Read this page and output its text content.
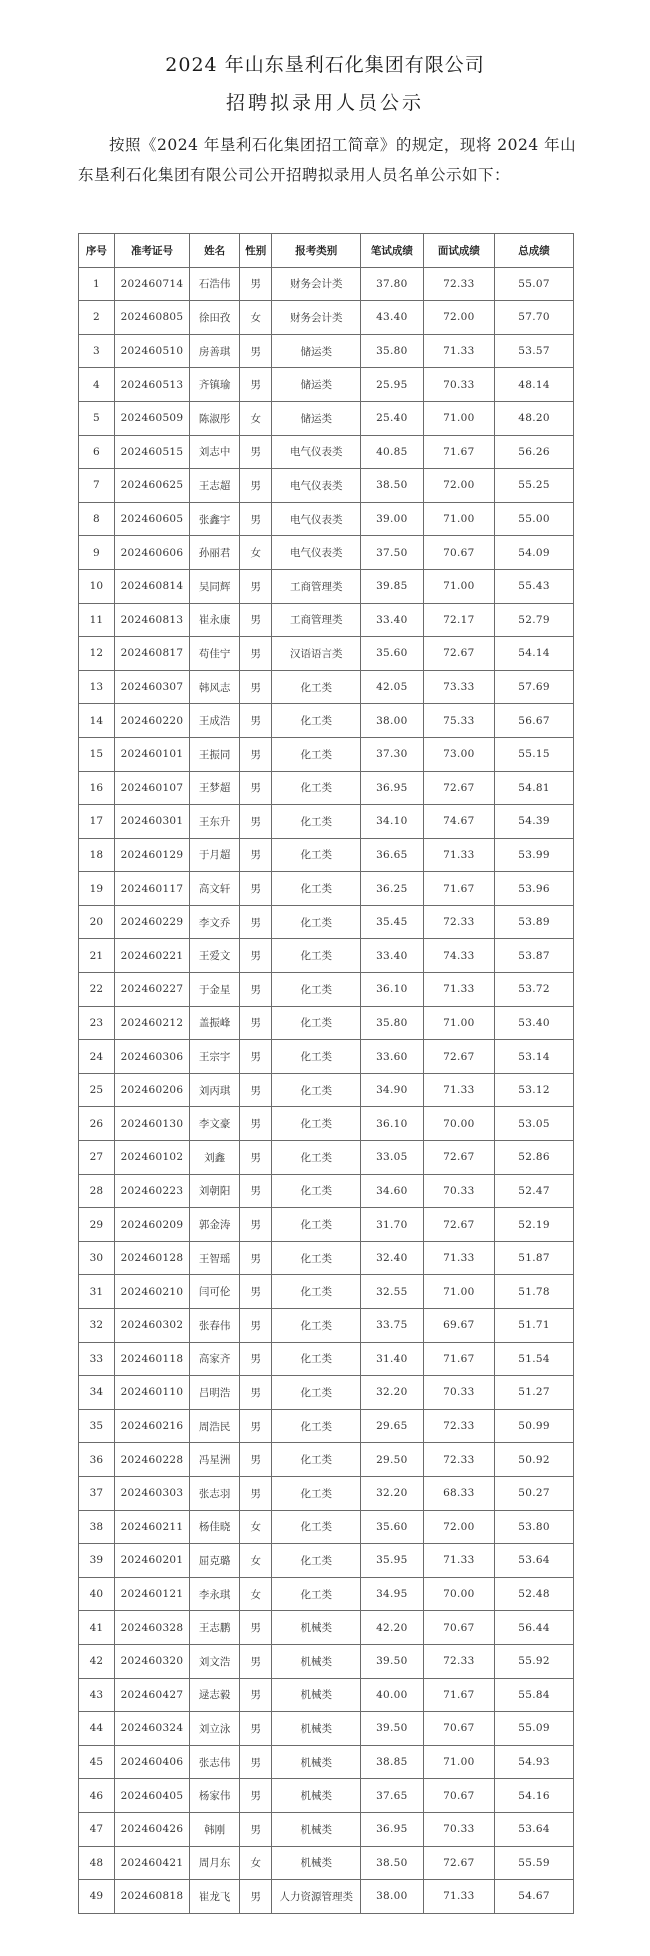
2024 年山东垦利石化集团有限公司
招聘拟录用人员公示
按照《2024 年垦利石化集团招工简章》的规定，现将 2024 年山东垦利石化集团有限公司公开招聘拟录用人员名单公示如下：
序号	准考证号	姓名	性别	报考类别	笔试成绩	面试成绩	总成绩
1	202460714	石浩伟	男	财务会计类	37.80	72.33	55.07
2	202460805	徐田孜	女	财务会计类	43.40	72.00	57.70
3	202460510	房善琪	男	储运类	35.80	71.33	53.57
4	202460513	齐镇瑜	男	储运类	25.95	70.33	48.14
5	202460509	陈淑彤	女	储运类	25.40	71.00	48.20
6	202460515	刘志中	男	电气仪表类	40.85	71.67	56.26
7	202460625	王志超	男	电气仪表类	38.50	72.00	55.25
8	202460605	张鑫宇	男	电气仪表类	39.00	71.00	55.00
9	202460606	孙丽君	女	电气仪表类	37.50	70.67	54.09
10	202460814	吴同辉	男	工商管理类	39.85	71.00	55.43
11	202460813	崔永康	男	工商管理类	33.40	72.17	52.79
12	202460817	苟佳宁	男	汉语语言类	35.60	72.67	54.14
13	202460307	韩风志	男	化工类	42.05	73.33	57.69
14	202460220	王成浩	男	化工类	38.00	75.33	56.67
15	202460101	王振同	男	化工类	37.30	73.00	55.15
16	202460107	王梦超	男	化工类	36.95	72.67	54.81
17	202460301	王东升	男	化工类	34.10	74.67	54.39
18	202460129	于月超	男	化工类	36.65	71.33	53.99
19	202460117	高文轩	男	化工类	36.25	71.67	53.96
20	202460229	李文乔	男	化工类	35.45	72.33	53.89
21	202460221	王爱文	男	化工类	33.40	74.33	53.87
22	202460227	于金星	男	化工类	36.10	71.33	53.72
23	202460212	盖振峰	男	化工类	35.80	71.00	53.40
24	202460306	王宗宇	男	化工类	33.60	72.67	53.14
25	202460206	刘丙琪	男	化工类	34.90	71.33	53.12
26	202460130	李文豪	男	化工类	36.10	70.00	53.05
27	202460102	刘鑫	男	化工类	33.05	72.67	52.86
28	202460223	刘朝阳	男	化工类	34.60	70.33	52.47
29	202460209	郭金涛	男	化工类	31.70	72.67	52.19
30	202460128	王智瑶	男	化工类	32.40	71.33	51.87
31	202460210	闫可伦	男	化工类	32.55	71.00	51.78
32	202460302	张春伟	男	化工类	33.75	69.67	51.71
33	202460118	高家齐	男	化工类	31.40	71.67	51.54
34	202460110	吕明浩	男	化工类	32.20	70.33	51.27
35	202460216	周浩民	男	化工类	29.65	72.33	50.99
36	202460228	冯星洲	男	化工类	29.50	72.33	50.92
37	202460303	张志羽	男	化工类	32.20	68.33	50.27
38	202460211	杨佳晓	女	化工类	35.60	72.00	53.80
39	202460201	屈克璐	女	化工类	35.95	71.33	53.64
40	202460121	李永琪	女	化工类	34.95	70.00	52.48
41	202460328	王志鹏	男	机械类	42.20	70.67	56.44
42	202460320	刘文浩	男	机械类	39.50	72.33	55.92
43	202460427	逯志毅	男	机械类	40.00	71.67	55.84
44	202460324	刘立泳	男	机械类	39.50	70.67	55.09
45	202460406	张志伟	男	机械类	38.85	71.00	54.93
46	202460405	杨家伟	男	机械类	37.65	70.67	54.16
47	202460426	韩刚	男	机械类	36.95	70.33	53.64
48	202460421	周月东	女	机械类	38.50	72.67	55.59
49	202460818	崔龙飞	男	人力资源管理类	38.00	71.33	54.67
